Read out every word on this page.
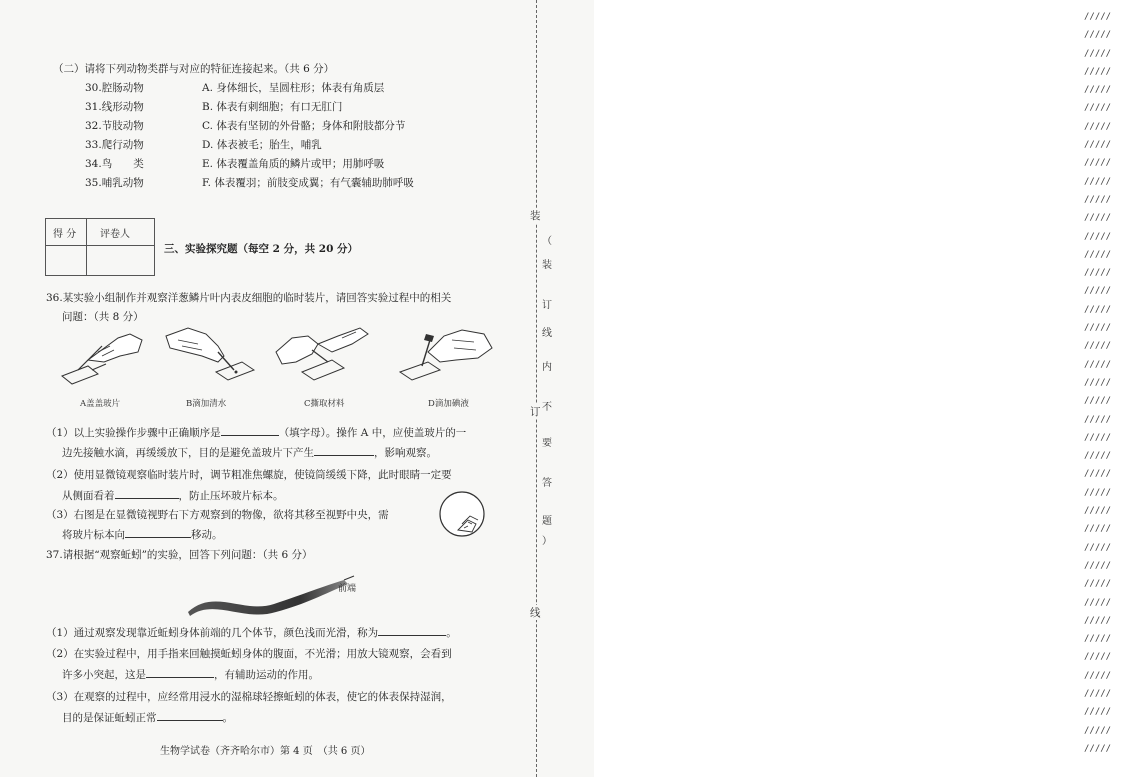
（二）请将下列动物类群与对应的特征连接起来。（共 6 分）
30.腔肠动物	A. 身体细长，呈圆柱形；体表有角质层
31.线形动物	B. 体表有刺细胞；有口无肛门
32.节肢动物	C. 体表有坚韧的外骨骼；身体和附肢都分节
33.爬行动物	D. 体表被毛；胎生，哺乳
34.鸟　　类	E. 体表覆盖角质的鳞片或甲；用肺呼吸
35.哺乳动物	F. 体表覆羽；前肢变成翼；有气囊辅助肺呼吸
得 分 评卷人
三、实验探究题（每空 2 分，共 20 分）
36.某实验小组制作并观察洋葱鳞片叶内表皮细胞的临时装片，请回答实验过程中的相关
问题：（共 8 分）
A盖盖玻片	B滴加清水	C撕取材料	D滴加碘液
（1）以上实验操作步骤中正确顺序是	（填字母）。操作 A 中，应使盖玻片的一
边先接触水滴，再缓缓放下，目的是避免盖玻片下产生	，影响观察。
（2）使用显微镜观察临时装片时，调节粗准焦螺旋，使镜筒缓缓下降，此时眼睛一定要
从侧面看着	，防止压坏玻片标本。
（3）右图是在显微镜视野右下方观察到的物像，欲将其移至视野中央，需
将玻片标本向	移动。
37.请根据“观察蚯蚓”的实验，回答下列问题：（共 6 分）
前端
（1）通过观察发现靠近蚯蚓身体前端的几个体节，颜色浅而光滑，称为	。
（2）在实验过程中，用手指来回触摸蚯蚓身体的腹面，不光滑；用放大镜观察，会看到
许多小突起，这是	，有辅助运动的作用。
（3）在观察的过程中，应经常用浸水的湿棉球轻擦蚯蚓的体表，使它的体表保持湿润，
目的是保证蚯蚓正常	。
生物学试卷（齐齐哈尔市）第 4 页　（共 6 页）
/////
/////
/////
/////
/////
/////
/////
/////
/////
/////
/////
/////
/////
/////
/////
/////
/////
/////
/////
/////
/////
/////
/////
/////
/////
/////
/////
/////
/////
/////
/////
/////
/////
/////
/////
/////
/////
/////
/////
/////
/////
装
订
线
（
装
订
线
内
不
要
答
题
）
